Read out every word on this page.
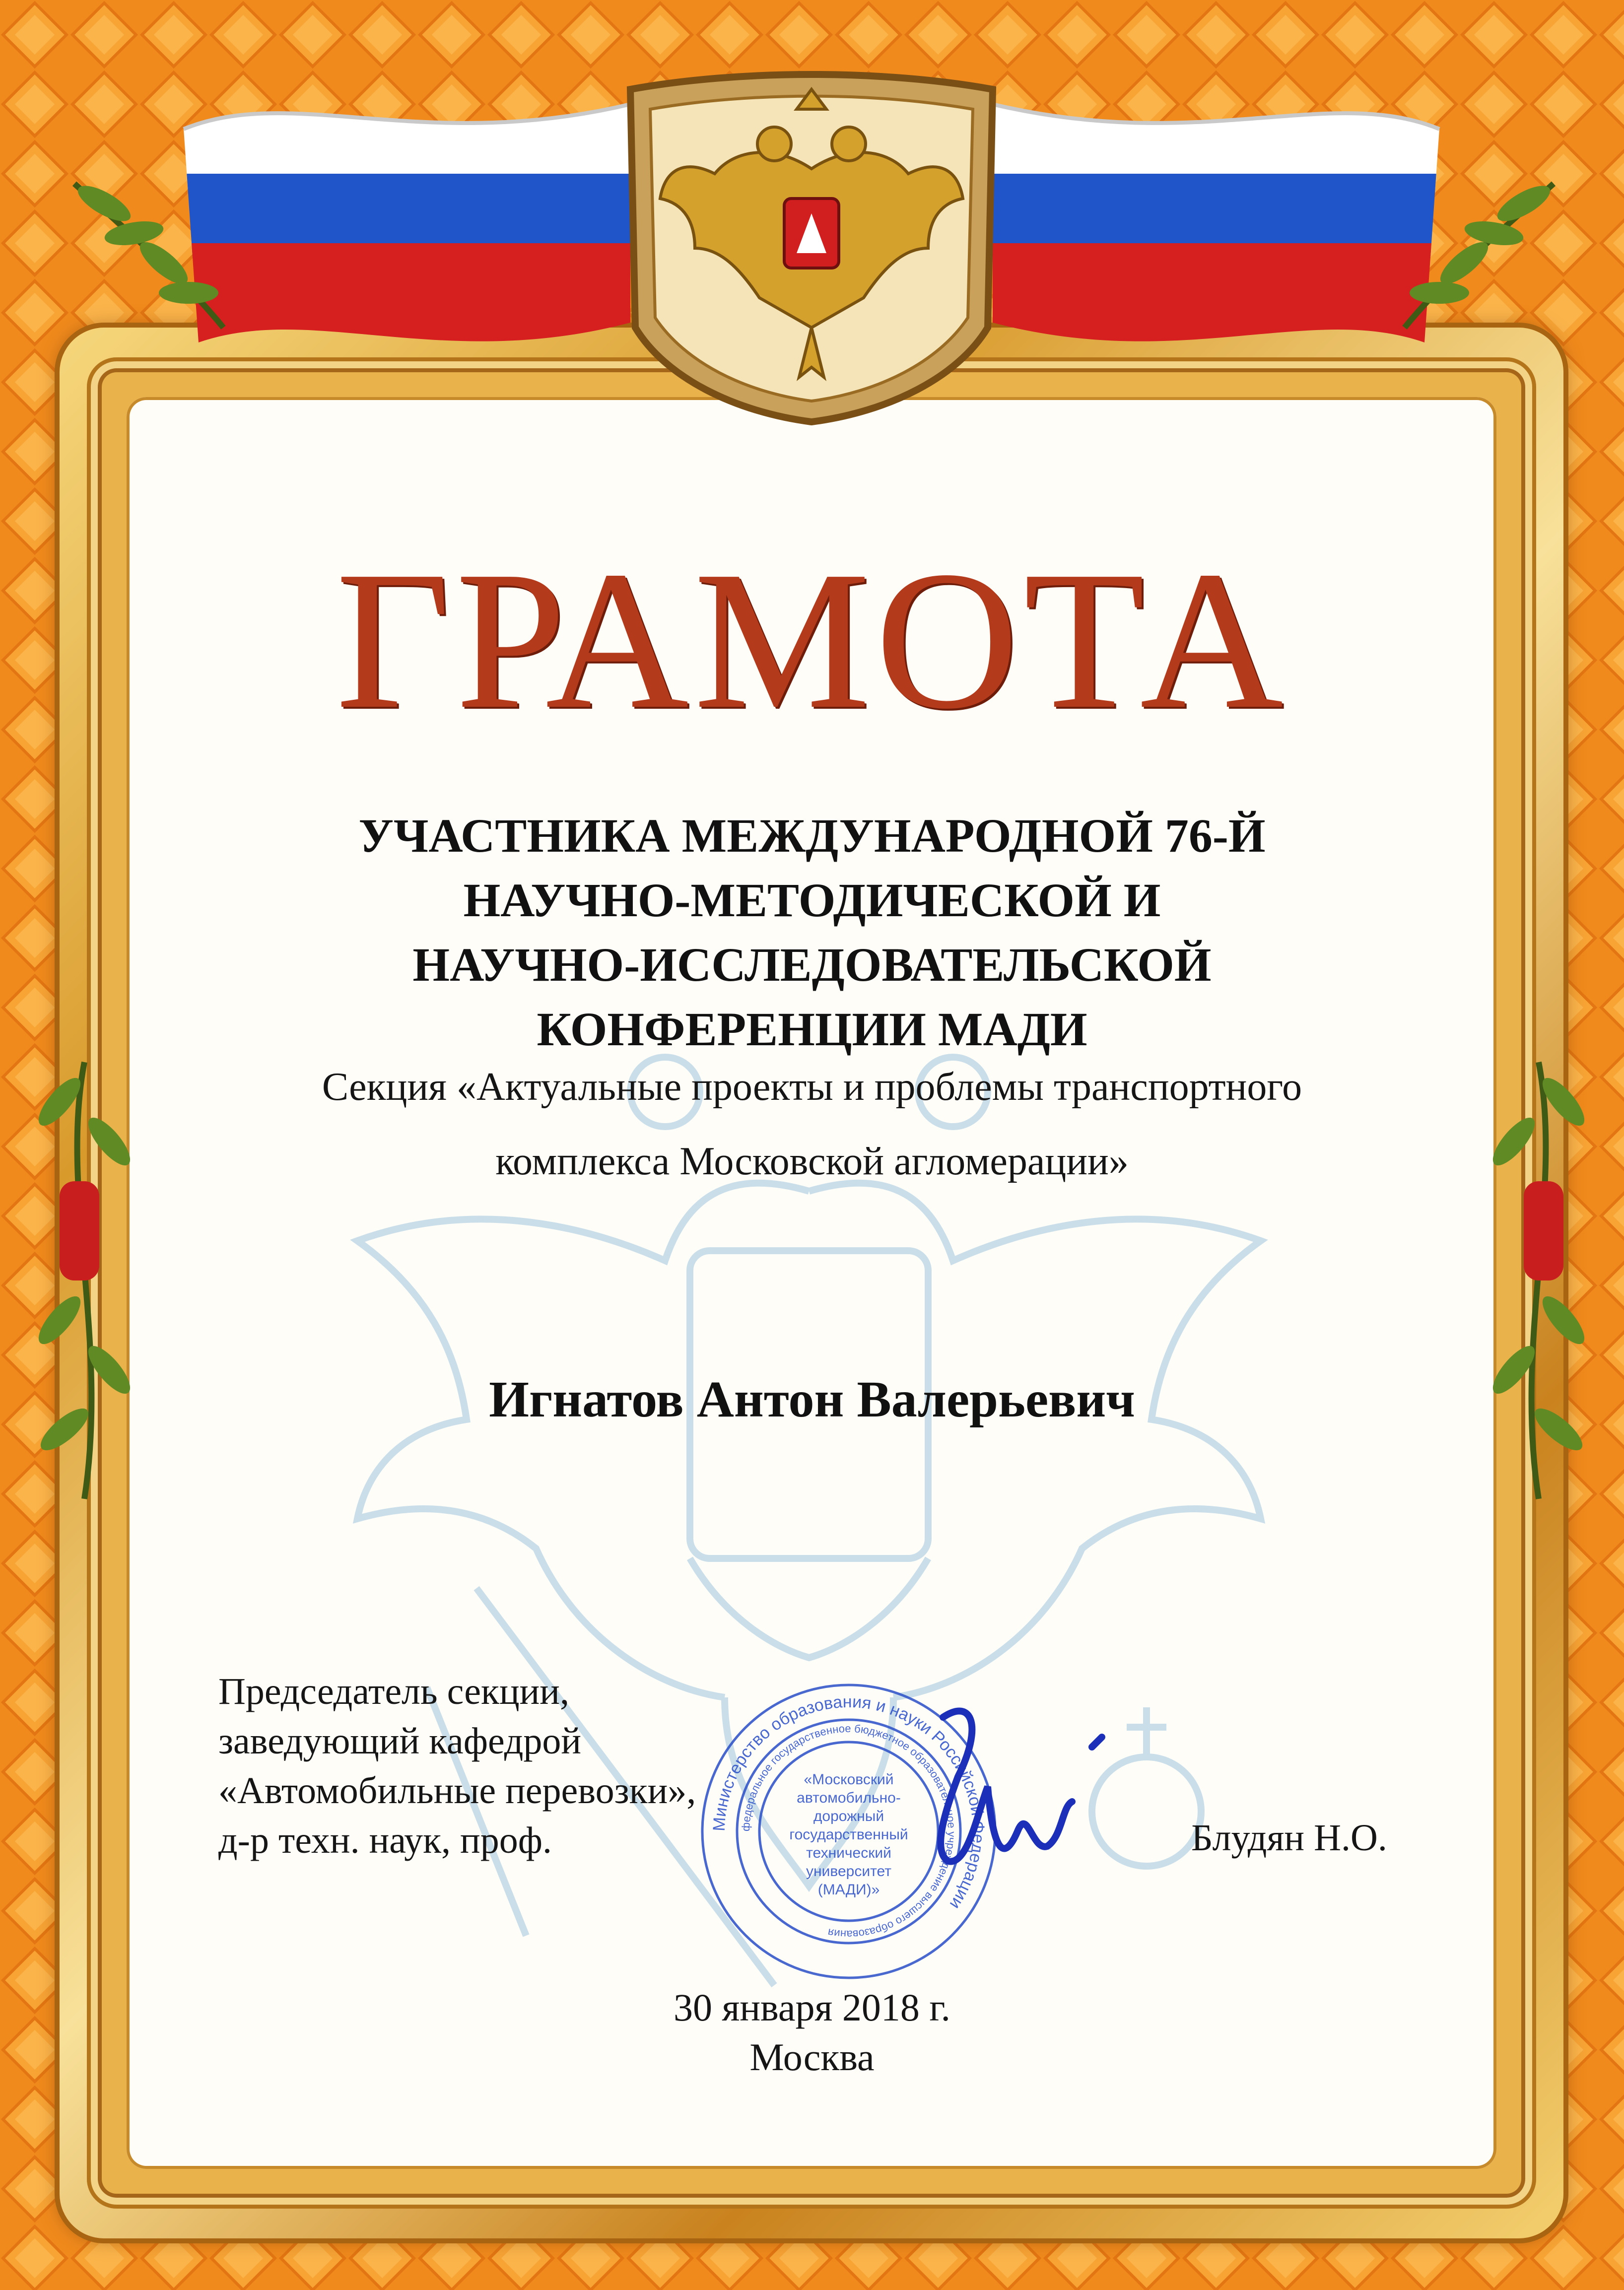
ГРАМОТА
УЧАСТНИКА МЕЖДУНАРОДНОЙ 76-Й
НАУЧНО-МЕТОДИЧЕСКОЙ И
НАУЧНО-ИССЛЕДОВАТЕЛЬСКОЙ
КОНФЕРЕНЦИИ МАДИ
Секция «Актуальные проекты и проблемы транспортного
комплекса Московской агломерации»
Игнатов Антон Валерьевич
Председатель секции,
заведующий кафедрой
«Автомобильные перевозки»,
д-р техн. наук, проф.	Блудян Н.О.
Министерство образования и науки Российской Федерации
федеральное государственное бюджетное образовательное учреждение высшего образования
«Московский
автомобильно-
дорожный
государственный
технический
университет
(МАДИ)»
30 января 2018 г.
Москва
